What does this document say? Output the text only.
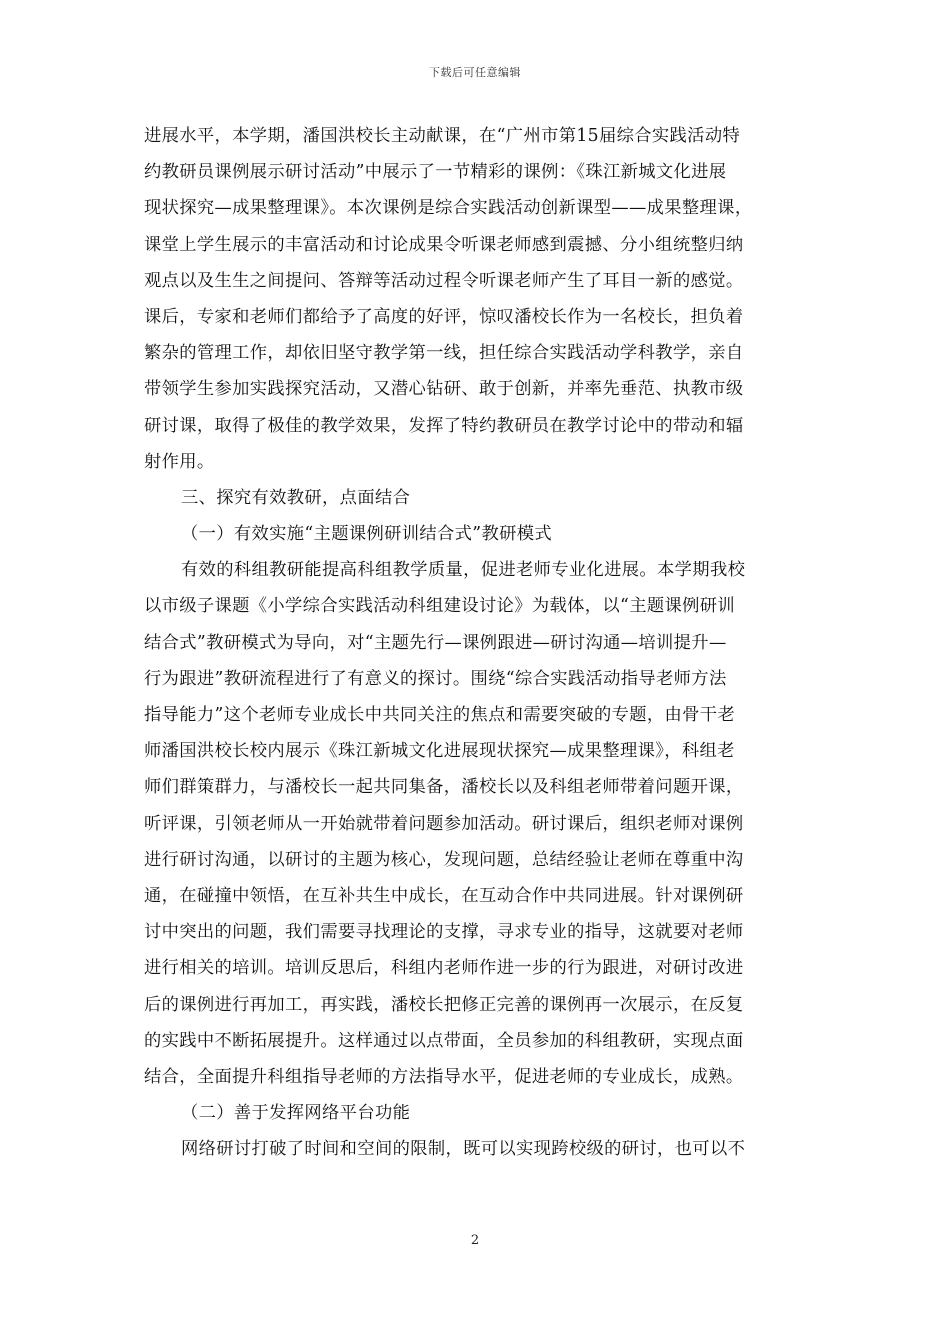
下载后可任意编辑
进展水平，本学期，潘国洪校长主动献课，在“广州市第15届综合实践活动特
约教研员课例展示研讨活动”中展示了一节精彩的课例：《珠江新城文化进展
现状探究—成果整理课》。本次课例是综合实践活动创新课型——成果整理课，
课堂上学生展示的丰富活动和讨论成果令听课老师感到震撼、分小组统整归纳
观点以及生生之间提问、答辩等活动过程令听课老师产生了耳目一新的感觉。
课后，专家和老师们都给予了高度的好评，惊叹潘校长作为一名校长，担负着
繁杂的管理工作，却依旧坚守教学第一线，担任综合实践活动学科教学，亲自
带领学生参加实践探究活动，又潜心钻研、敢于创新，并率先垂范、执教市级
研讨课，取得了极佳的教学效果，发挥了特约教研员在教学讨论中的带动和辐
射作用。
三、探究有效教研，点面结合
（一）有效实施“主题课例研训结合式”教研模式
有效的科组教研能提高科组教学质量，促进老师专业化进展。本学期我校
以市级子课题《小学综合实践活动科组建设讨论》为载体，以“主题课例研训
结合式”教研模式为导向，对“主题先行—课例跟进—研讨沟通—培训提升—
行为跟进”教研流程进行了有意义的探讨。围绕“综合实践活动指导老师方法
指导能力”这个老师专业成长中共同关注的焦点和需要突破的专题，由骨干老
师潘国洪校长校内展示《珠江新城文化进展现状探究—成果整理课》，科组老
师们群策群力，与潘校长一起共同集备，潘校长以及科组老师带着问题开课，
听评课，引领老师从一开始就带着问题参加活动。研讨课后，组织老师对课例
进行研讨沟通，以研讨的主题为核心，发现问题，总结经验让老师在尊重中沟
通，在碰撞中领悟，在互补共生中成长，在互动合作中共同进展。针对课例研
讨中突出的问题，我们需要寻找理论的支撑，寻求专业的指导，这就要对老师
进行相关的培训。培训反思后，科组内老师作进一步的行为跟进，对研讨改进
后的课例进行再加工，再实践，潘校长把修正完善的课例再一次展示，在反复
的实践中不断拓展提升。这样通过以点带面，全员参加的科组教研，实现点面
结合，全面提升科组指导老师的方法指导水平，促进老师的专业成长，成熟。
（二）善于发挥网络平台功能
网络研讨打破了时间和空间的限制，既可以实现跨校级的研讨，也可以不
2
